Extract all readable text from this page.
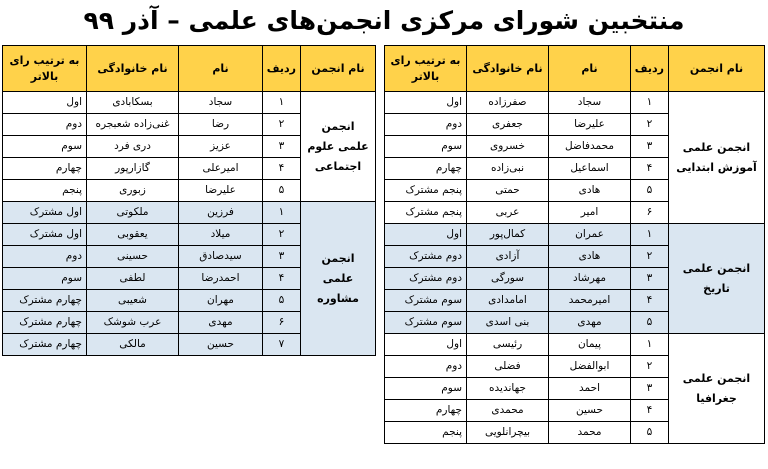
منتخبین شورای مرکزی انجمن‌های علمی – آذر ۹۹
نام انجمن	ردیف	نام	نام خانوادگی	به ترتیب رای بالاتر
انجمن علمی آموزش ابتدایی	۱	سجاد	صفرزاده	اول
	۲	علیرضا	جعفری	دوم
	۳	محمدفاضل	خسروی	سوم
	۴	اسماعیل	نبی‌زاده	چهارم
	۵	هادی	حمتی	پنجم مشترک
	۶	امیر	عربی	پنجم مشترک
انجمن علمی تاریخ	۱	عمران	کمال‌پور	اول
	۲	هادی	آزادی	دوم مشترک
	۳	مهرشاد	سورگی	دوم مشترک
	۴	امیرمحمد	امامدادی	سوم مشترک
	۵	مهدی	بنی اسدی	سوم مشترک
انجمن علمی جغرافیا	۱	پیمان	رئیسی	اول
	۲	ابوالفضل	فضلی	دوم
	۳	احمد	جهاندیده	سوم
	۴	حسین	محمدی	چهارم
	۵	محمد	بیچرانلویی	پنجم
نام انجمن	ردیف	نام	نام خانوادگی	به ترتیب رای بالاتر
انجمن علمی علوم اجتماعی	۱	سجاد	بسکابادی	اول
	۲	رضا	غنی‌زاده شعبجره	دوم
	۳	عزیز	دری فرد	سوم
	۴	امیرعلی	گازارپور	چهارم
	۵	علیرضا	زبوری	پنجم
انجمن علمی مشاوره	۱	فرزین	ملکوتی	اول مشترک
	۲	میلاد	یعقوبی	اول مشترک
	۳	سیدصادق	حسینی	دوم
	۴	احمدرضا	لطفی	سوم
	۵	مهران	شعیبی	چهارم مشترک
	۶	مهدی	عرب شوشک	چهارم مشترک
	۷	حسین	مالکی	چهارم مشترک
